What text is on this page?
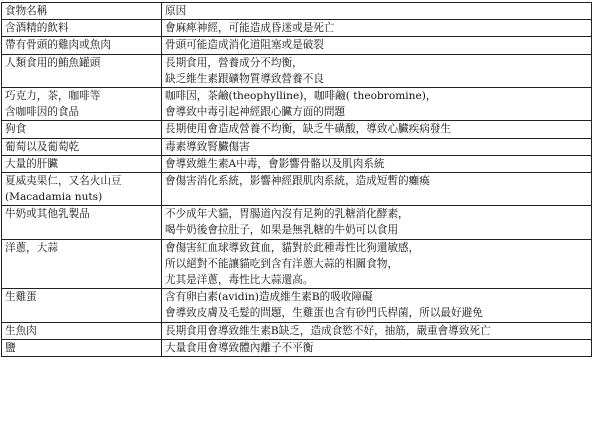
食物名稱	原因

含酒精的飲料	會麻痺神經，可能造成昏迷或是死亡

帶有骨頭的雞肉或魚肉	骨頭可能造成消化道阻塞或是破裂

人類食用的鮪魚罐頭	長期食用，營養成分不均衡，
缺乏維生素跟礦物質導致營養不良

巧克力，茶，咖啡等
含咖啡因的食品	咖啡因，茶鹼(theophylline)，咖啡鹼( theobromine)，
會導致中毒引起神經跟心臟方面的問題

狗食	長期使用會造成營養不均衡，缺乏牛磺酸，導致心臟疾病發生

葡萄以及葡萄乾	毒素導致腎臟傷害

大量的肝臟	會導致維生素A中毒，會影響骨骼以及肌肉系統

夏威夷果仁，又名火山豆
(Macadamia nuts)	會傷害消化系統，影響神經跟肌肉系統，造成短暫的癱瘓

牛奶或其他乳製品	不少成年犬貓，胃腸道內沒有足夠的乳糖消化酵素，
喝牛奶後會拉肚子，如果是無乳糖的牛奶可以食用

洋蔥，大蒜	會傷害紅血球導致貧血，貓對於此種毒性比狗還敏感，
所以絕對不能讓貓吃到含有洋蔥大蒜的相關食物，
尤其是洋蔥，毒性比大蒜還高。

生雞蛋	含有卵白素(avidin)造成維生素B的吸收障礙
會導致皮膚及毛髮的問題，生雞蛋也含有砂門氏桿菌，所以最好避免

生魚肉	長期食用會導致維生素B缺乏，造成食慾不好，抽筋，嚴重會導致死亡

鹽	大量食用會導致體內離子不平衡
